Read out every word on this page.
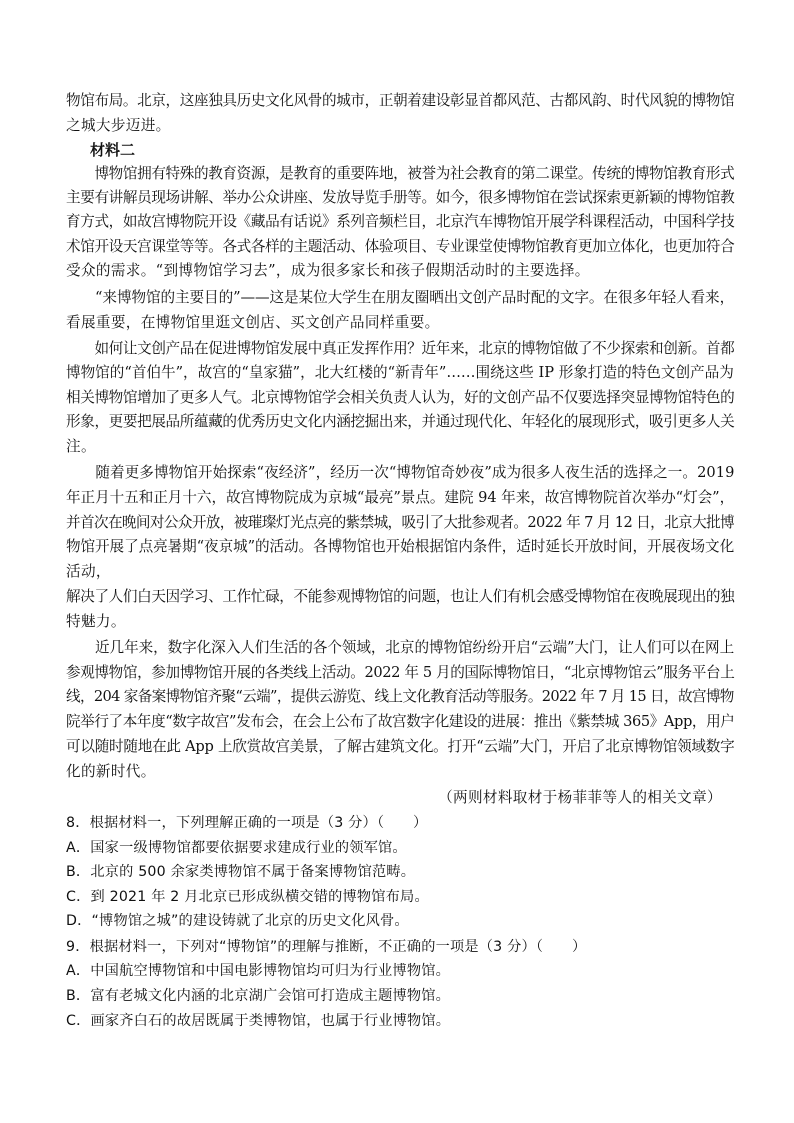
物馆布局。北京，这座独具历史文化风骨的城市，正朝着建设彰显首都风范、古都风韵、时代风貌的博物馆
之城大步迈进。
材料二
　　博物馆拥有特殊的教育资源，是教育的重要阵地，被誉为社会教育的第二课堂。传统的博物馆教育形式
主要有讲解员现场讲解、举办公众讲座、发放导览手册等。如今，很多博物馆在尝试探索更新颖的博物馆教
育方式，如故宫博物院开设《藏品有话说》系列音频栏目，北京汽车博物馆开展学科课程活动，中国科学技
术馆开设天宫课堂等等。各式各样的主题活动、体验项目、专业课堂使博物馆教育更加立体化，也更加符合
受众的需求。“到博物馆学习去”，成为很多家长和孩子假期活动时的主要选择。
　　“来博物馆的主要目的”——这是某位大学生在朋友圈晒出文创产品时配的文字。在很多年轻人看来，
看展重要，在博物馆里逛文创店、买文创产品同样重要。
　　如何让文创产品在促进博物馆发展中真正发挥作用？近年来，北京的博物馆做了不少探索和创新。首都
博物馆的“首伯牛”，故宫的“皇家猫”，北大红楼的“新青年”……围绕这些 IP 形象打造的特色文创产品为
相关博物馆增加了更多人气。北京博物馆学会相关负责人认为，好的文创产品不仅要选择突显博物馆特色的
形象，更要把展品所蕴藏的优秀历史文化内涵挖掘出来，并通过现代化、年轻化的展现形式，吸引更多人关
注。
　　随着更多博物馆开始探索“夜经济”，经历一次“博物馆奇妙夜”成为很多人夜生活的选择之一。2019
年正月十五和正月十六，故宫博物院成为京城“最亮”景点。建院 94 年来，故宫博物院首次举办“灯会”，
并首次在晚间对公众开放，被璀璨灯光点亮的紫禁城，吸引了大批参观者。2022 年 7 月 12 日，北京大批博
物馆开展了点亮暑期“夜京城”的活动。各博物馆也开始根据馆内条件，适时延长开放时间，开展夜场文化
活动，
解决了人们白天因学习、工作忙碌，不能参观博物馆的问题，也让人们有机会感受博物馆在夜晚展现出的独
特魅力。
　　近几年来，数字化深入人们生活的各个领域，北京的博物馆纷纷开启“云端”大门，让人们可以在网上
参观博物馆，参加博物馆开展的各类线上活动。2022 年 5 月的国际博物馆日，“北京博物馆云”服务平台上
线，204 家备案博物馆齐聚“云端”，提供云游览、线上文化教育活动等服务。2022 年 7 月 15 日，故宫博物
院举行了本年度“数字故宫”发布会，在会上公布了故宫数字化建设的进展：推出《紫禁城 365》App，用户
可以随时随地在此 App 上欣赏故宫美景，了解古建筑文化。打开“云端”大门，开启了北京博物馆领域数字
化的新时代。
（两则材料取材于杨菲菲等人的相关文章）
8．根据材料一，下列理解正确的一项是（3 分）（　　）
A．国家一级博物馆都要依据要求建成行业的领军馆。
B．北京的 500 余家类博物馆不属于备案博物馆范畴。
C．到 2021 年 2 月北京已形成纵横交错的博物馆布局。
D．“博物馆之城”的建设铸就了北京的历史文化风骨。
9．根据材料一，下列对“博物馆”的理解与推断，不正确的一项是（3 分）（　　）
A．中国航空博物馆和中国电影博物馆均可归为行业博物馆。
B．富有老城文化内涵的北京湖广会馆可打造成主题博物馆。
C．画家齐白石的故居既属于类博物馆，也属于行业博物馆。
